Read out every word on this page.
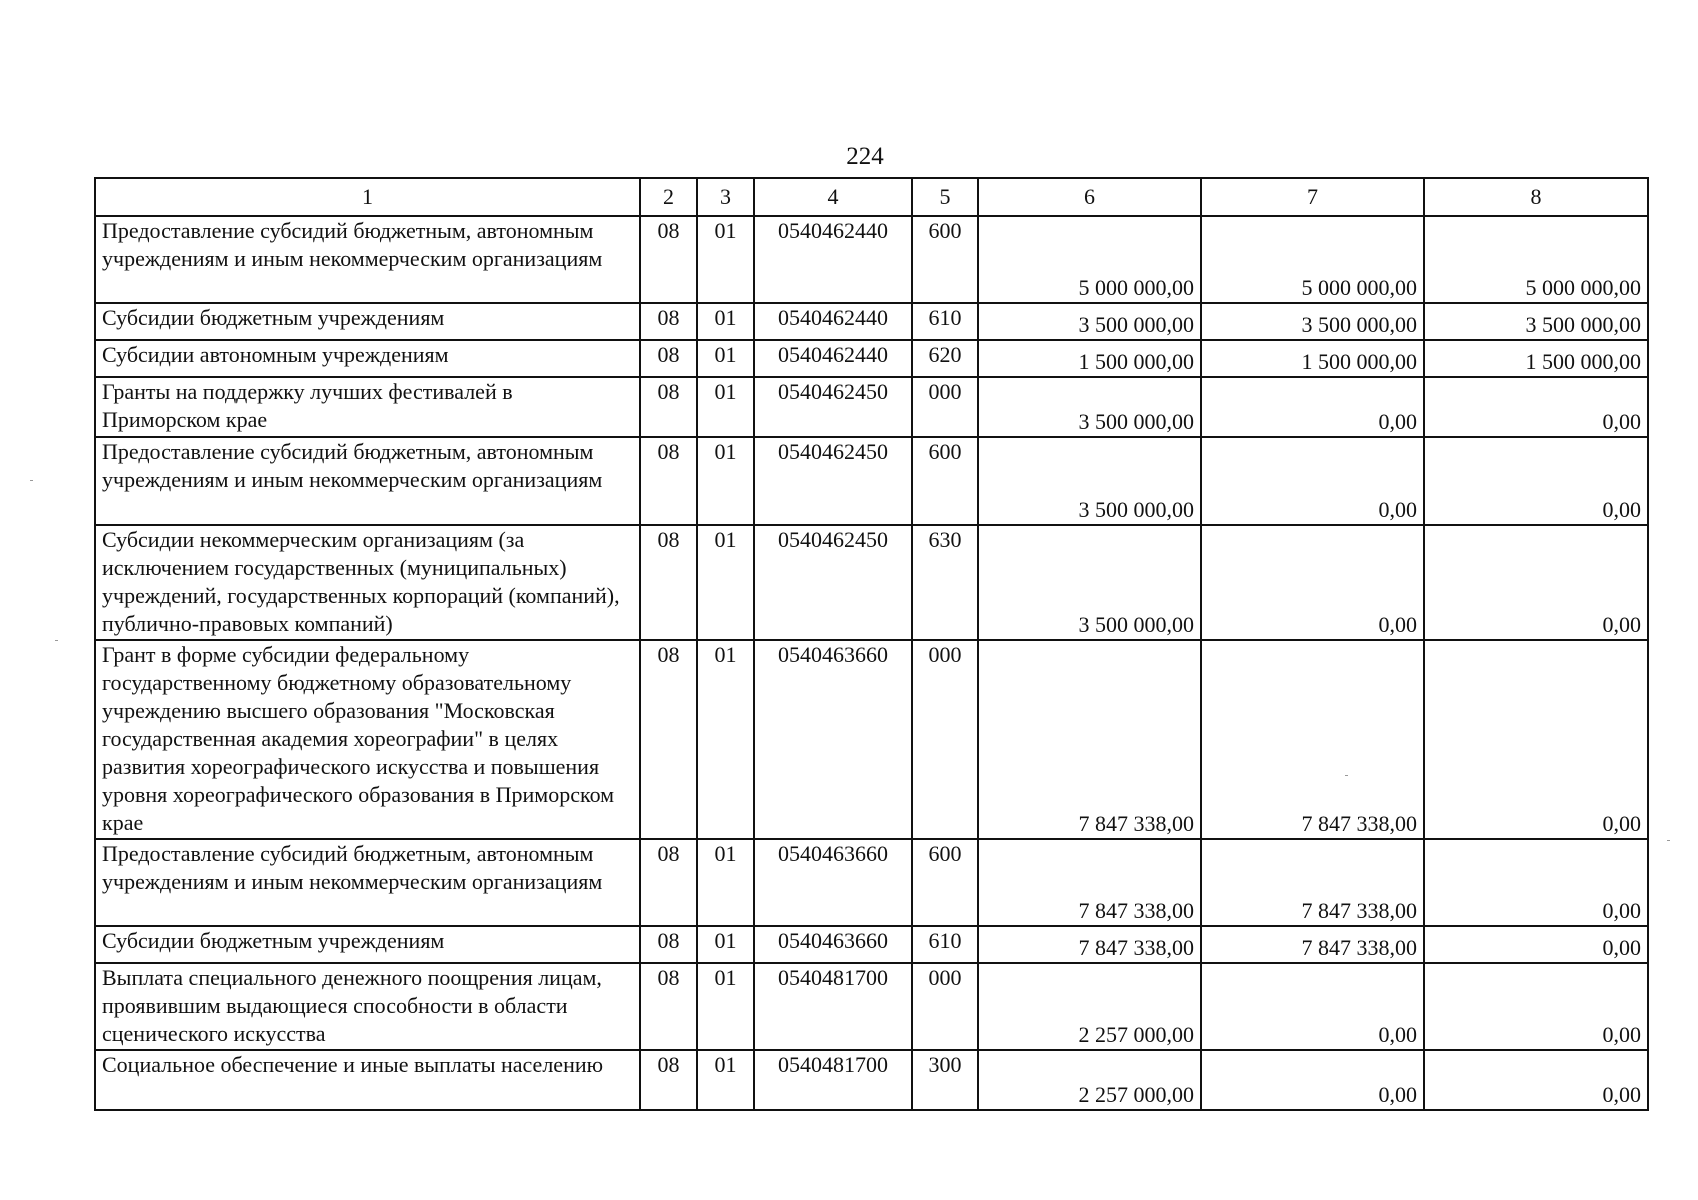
224
1	2	3	4	5	6	7	8
Предоставление субсидий бюджетным, автономным учреждениям и иным некоммерческим организациям	08	01	0540462440	600	5 000 000,00	5 000 000,00	5 000 000,00
Субсидии бюджетным учреждениям	08	01	0540462440	610	3 500 000,00	3 500 000,00	3 500 000,00
Субсидии автономным учреждениям	08	01	0540462440	620	1 500 000,00	1 500 000,00	1 500 000,00
Гранты на поддержку лучших фестивалей в Приморском крае	08	01	0540462450	000	3 500 000,00	0,00	0,00
Предоставление субсидий бюджетным, автономным учреждениям и иным некоммерческим организациям	08	01	0540462450	600	3 500 000,00	0,00	0,00
Субсидии некоммерческим организациям (за исключением государственных (муниципальных) учреждений, государственных корпораций (компаний), публично-правовых компаний)	08	01	0540462450	630	3 500 000,00	0,00	0,00
Грант в форме субсидии федеральному государственному бюджетному образовательному учреждению высшего образования "Московская государственная академия хореографии" в целях развития хореографического искусства и повышения уровня хореографического образования в Приморском крае	08	01	0540463660	000	7 847 338,00	7 847 338,00	0,00
Предоставление субсидий бюджетным, автономным учреждениям и иным некоммерческим организациям	08	01	0540463660	600	7 847 338,00	7 847 338,00	0,00
Субсидии бюджетным учреждениям	08	01	0540463660	610	7 847 338,00	7 847 338,00	0,00
Выплата специального денежного поощрения лицам, проявившим выдающиеся способности в области сценического искусства	08	01	0540481700	000	2 257 000,00	0,00	0,00
Социальное обеспечение и иные выплаты населению	08	01	0540481700	300	2 257 000,00	0,00	0,00
